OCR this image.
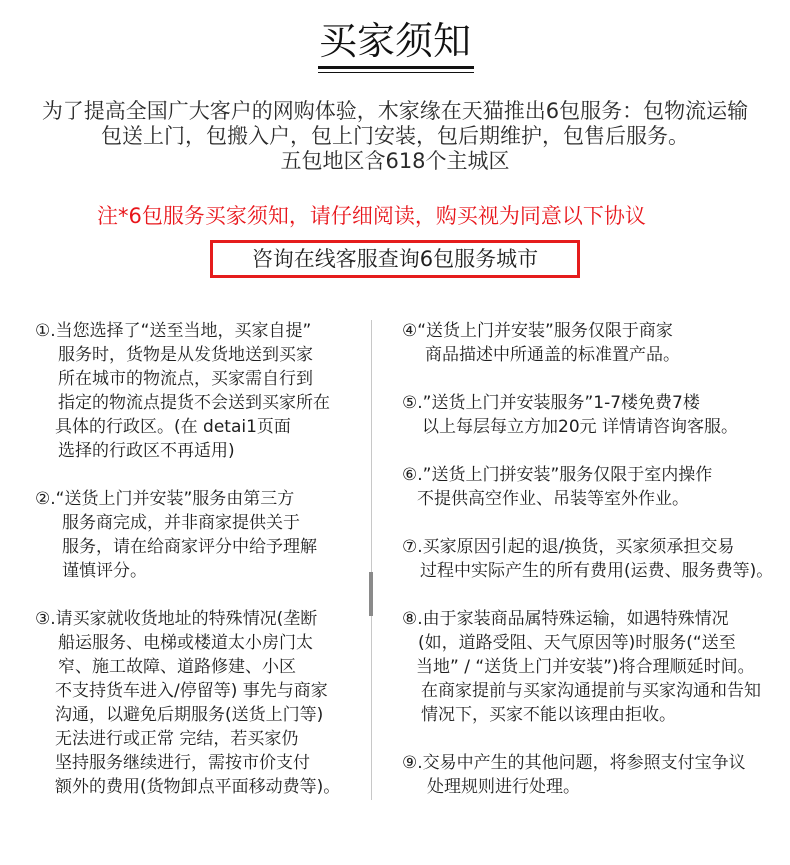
买家须知
为了提高全国广大客户的网购体验，木家缘在天猫推出6包服务：包物流运输
包送上门，包搬入户，包上门安装，包后期维护，包售后服务。
五包地区含618个主城区
注*6包服务买家须知，请仔细阅读，购买视为同意以下协议
咨询在线客服查询6包服务城市
①.当您选择了“送至当地，买家自提”
服务时，货物是从发货地送到买家
所在城市的物流点，买家需自行到
指定的物流点提货不会送到买家所在
具体的行政区。(在 detai1页面
选择的行政区不再适用)
②.“送货上门并安装”服务由第三方
服务商完成，并非商家提供关于
服务，请在给商家评分中给予理解
谨慎评分。
③.请买家就收货地址的特殊情况(垄断
船运服务、电梯或楼道太小房门太
窄、施工故障、道路修建、小区
不支持货车进入/停留等) 事先与商家
沟通，以避免后期服务(送货上门等)
无法进行或正常 完结，若买家仍
坚持服务继续进行，需按市价支付
额外的费用(货物卸点平面移动费等)。
④“送货上门并安装”服务仅限于商家
商品描述中所通盖的标准置产品。
⑤.”送货上门并安装服务”1-7楼免费7楼
以上每层每立方加20元 详情请咨询客服。
⑥.”送货上门拼安装”服务仅限于室内操作
不提供高空作业、吊装等室外作业。
⑦.买家原因引起的退/换货，买家须承担交易
过程中实际产生的所有费用(运费、服务费等)。
⑧.由于家装商品属特殊运输，如遇特殊情况
(如，道路受阻、天气原因等)时服务(“送至
当地” / “送货上门并安装”)将合理顺延时间。
在商家提前与买家沟通提前与买家沟通和告知
情况下，买家不能以该理由拒收。
⑨.交易中产生的其他问题，将参照支付宝争议
处理规则进行处理。
